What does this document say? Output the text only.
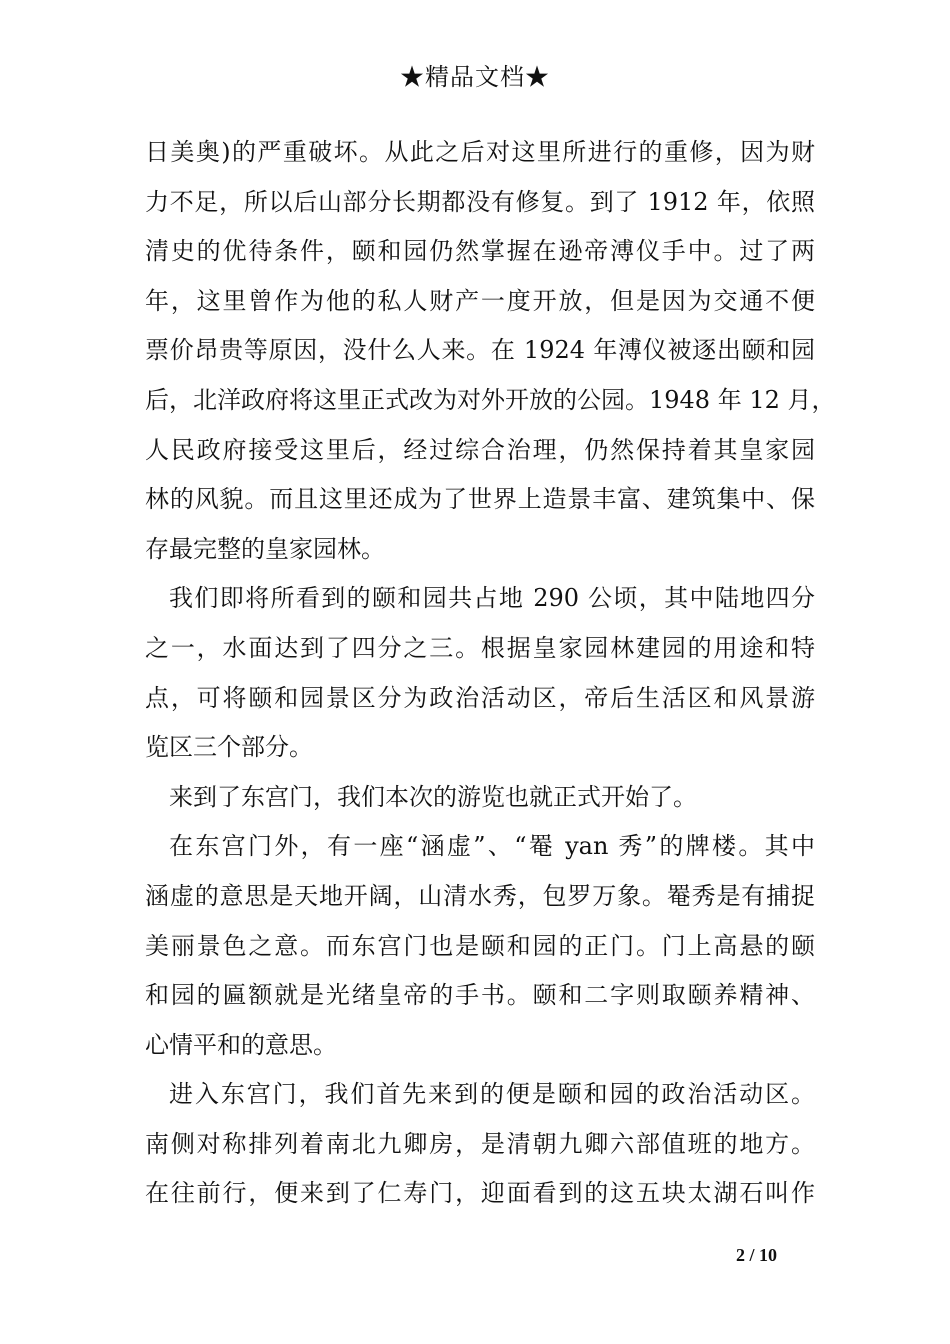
★精品文档★
日美奥)的严重破坏。从此之后对这里所进行的重修，因为财
力不足，所以后山部分长期都没有修复。到了 1912 年，依照
清史的优待条件，颐和园仍然掌握在逊帝溥仪手中。过了两
年，这里曾作为他的私人财产一度开放，但是因为交通不便
票价昂贵等原因，没什么人来。在 1924 年溥仪被逐出颐和园
后，北洋政府将这里正式改为对外开放的公园。1948 年 12 月，
人民政府接受这里后，经过综合治理，仍然保持着其皇家园
林的风貌。而且这里还成为了世界上造景丰富、建筑集中、保
存最完整的皇家园林。
我们即将所看到的颐和园共占地 290 公顷，其中陆地四分
之一，水面达到了四分之三。根据皇家园林建园的用途和特
点，可将颐和园景区分为政治活动区，帝后生活区和风景游
览区三个部分。
来到了东宫门，我们本次的游览也就正式开始了。
在东宫门外，有一座“涵虚”、“罨 yan 秀”的牌楼。其中
涵虚的意思是天地开阔，山清水秀，包罗万象。罨秀是有捕捉
美丽景色之意。而东宫门也是颐和园的正门。门上高悬的颐
和园的匾额就是光绪皇帝的手书。颐和二字则取颐养精神、
心情平和的意思。
进入东宫门，我们首先来到的便是颐和园的政治活动区。
南侧对称排列着南北九卿房，是清朝九卿六部值班的地方。
在往前行，便来到了仁寿门，迎面看到的这五块太湖石叫作
2 / 10
